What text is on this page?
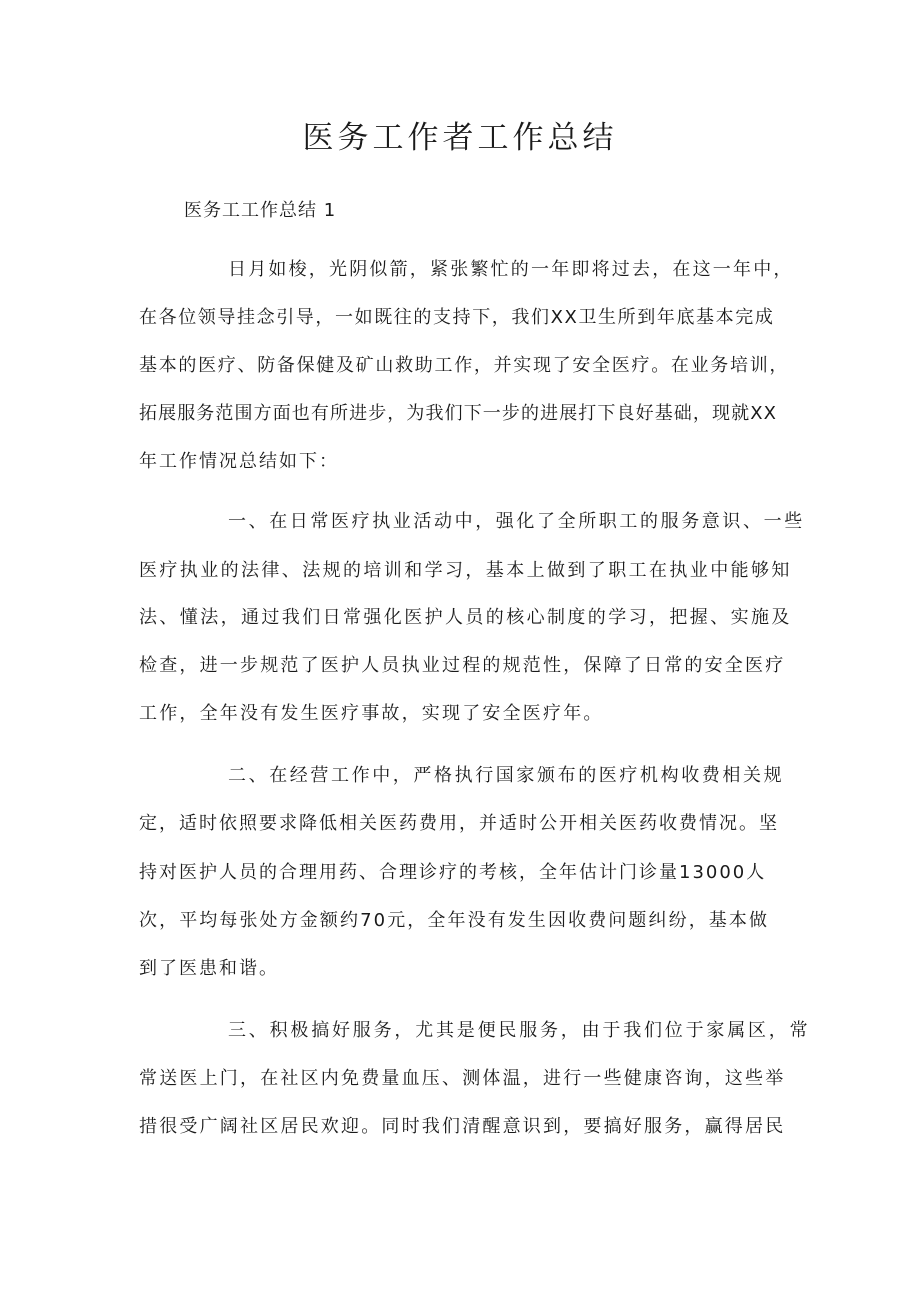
医务工作者工作总结

医务工工作总结 1

日月如梭，光阴似箭，紧张繁忙的一年即将过去，在这一年中，

在各位领导挂念引导，一如既往的支持下，我们XX卫生所到年底基本完成

基本的医疗、防备保健及矿山救助工作，并实现了安全医疗。在业务培训，

拓展服务范围方面也有所进步，为我们下一步的进展打下良好基础，现就XX

年工作情况总结如下：

一、在日常医疗执业活动中，强化了全所职工的服务意识、一些

医疗执业的法律、法规的培训和学习，基本上做到了职工在执业中能够知

法、懂法，通过我们日常强化医护人员的核心制度的学习，把握、实施及

检查，进一步规范了医护人员执业过程的规范性，保障了日常的安全医疗

工作，全年没有发生医疗事故，实现了安全医疗年。

二、在经营工作中，严格执行国家颁布的医疗机构收费相关规

定，适时依照要求降低相关医药费用，并适时公开相关医药收费情况。坚

持对医护人员的合理用药、合理诊疗的考核，全年估计门诊量13000人

次，平均每张处方金额约70元，全年没有发生因收费问题纠纷，基本做

到了医患和谐。

三、积极搞好服务，尤其是便民服务，由于我们位于家属区，常

常送医上门，在社区内免费量血压、测体温，进行一些健康咨询，这些举

措很受广阔社区居民欢迎。同时我们清醒意识到，要搞好服务，赢得居民
